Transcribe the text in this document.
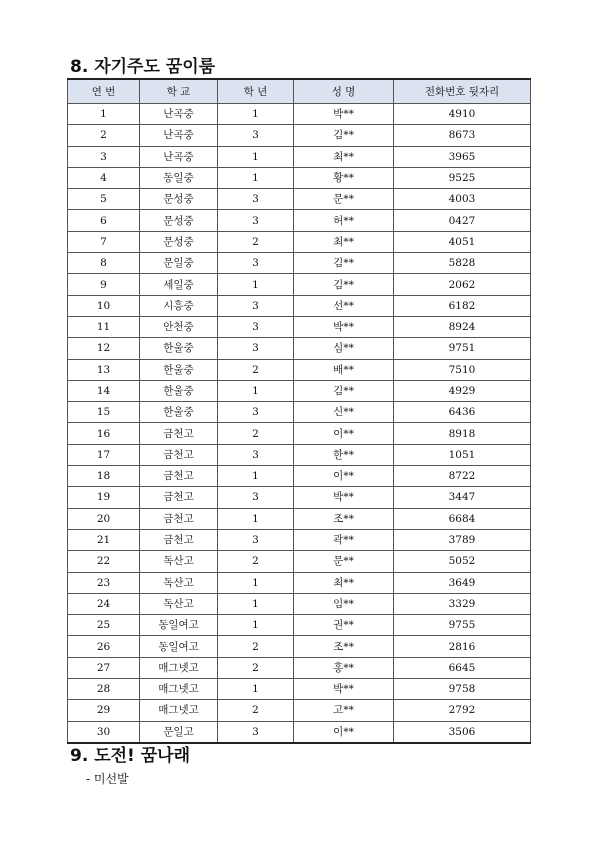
8. 자기주도 꿈이룸
연 번	학 교	학 년	성 명	전화번호 뒷자리
1	난곡중	1	박**	4910
2	난곡중	3	김**	8673
3	난곡중	1	최**	3965
4	동일중	1	황**	9525
5	문성중	3	문**	4003
6	문성중	3	허**	0427
7	문성중	2	최**	4051
8	문일중	3	김**	5828
9	세일중	1	김**	2062
10	시흥중	3	선**	6182
11	안천중	3	박**	8924
12	한울중	3	심**	9751
13	한울중	2	배**	7510
14	한울중	1	김**	4929
15	한울중	3	신**	6436
16	금천고	2	이**	8918
17	금천고	3	한**	1051
18	금천고	1	이**	8722
19	금천고	3	박**	3447
20	금천고	1	조**	6684
21	금천고	3	곽**	3789
22	독산고	2	문**	5052
23	독산고	1	최**	3649
24	독산고	1	임**	3329
25	동일여고	1	권**	9755
26	동일여고	2	조**	2816
27	매그넷고	2	홍**	6645
28	매그넷고	1	박**	9758
29	매그넷고	2	고**	2792
30	문일고	3	이**	3506
9. 도전! 꿈나래
- 미선발
